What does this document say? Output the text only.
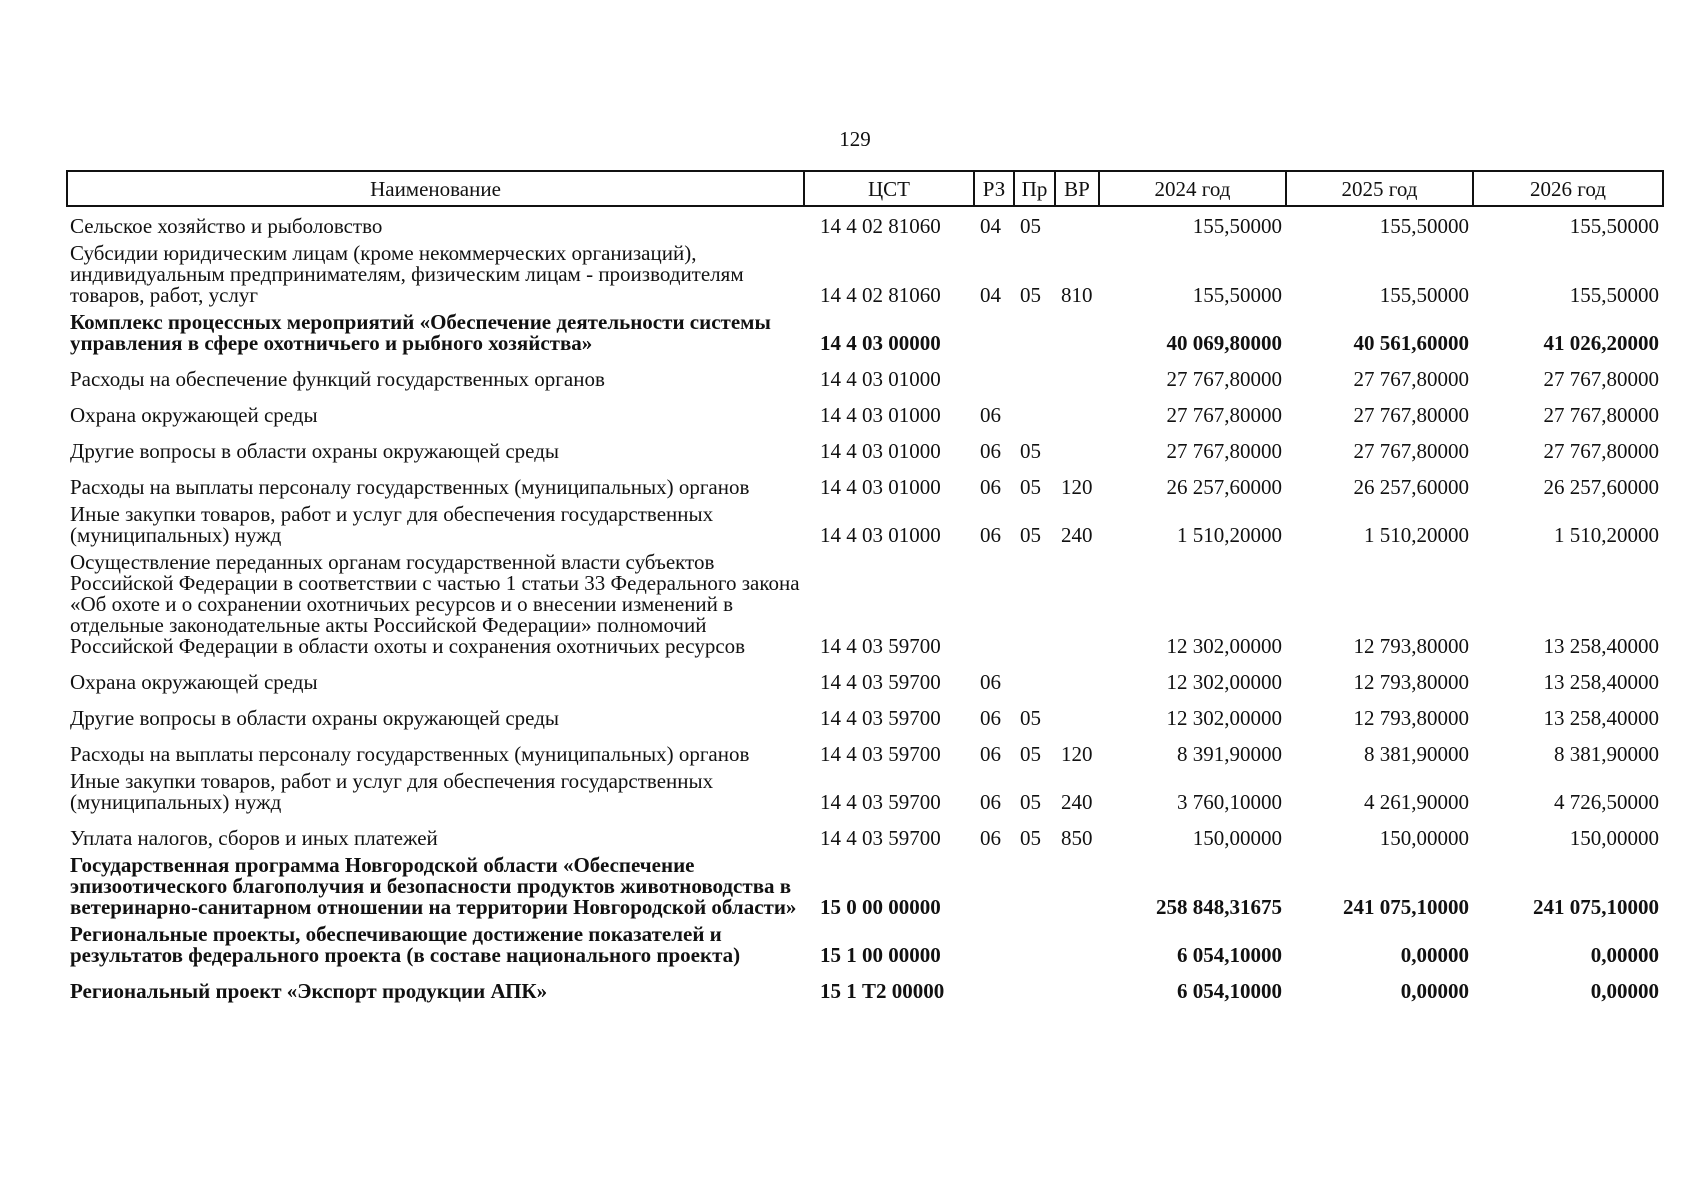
129
Наименование	ЦСТ	РЗ	Пр	ВР	2024 год	2025 год	2026 год
Сельское хозяйство и рыболовство	14 4 02 81060	04	05		155,50000	155,50000	155,50000
Субсидии юридическим лицам (кроме некоммерческих организаций), индивидуальным предпринимателям, физическим лицам - производителям товаров, работ, услуг	14 4 02 81060	04	05	810	155,50000	155,50000	155,50000
Комплекс процессных мероприятий «Обеспечение деятельности системы управления в сфере охотничьего и рыбного хозяйства»	14 4 03 00000				40 069,80000	40 561,60000	41 026,20000
Расходы на обеспечение функций государственных органов	14 4 03 01000				27 767,80000	27 767,80000	27 767,80000
Охрана окружающей среды	14 4 03 01000	06			27 767,80000	27 767,80000	27 767,80000
Другие вопросы в области охраны окружающей среды	14 4 03 01000	06	05		27 767,80000	27 767,80000	27 767,80000
Расходы на выплаты персоналу государственных (муниципальных) органов	14 4 03 01000	06	05	120	26 257,60000	26 257,60000	26 257,60000
Иные закупки товаров, работ и услуг для обеспечения государственных (муниципальных) нужд	14 4 03 01000	06	05	240	1 510,20000	1 510,20000	1 510,20000
Осуществление переданных органам государственной власти субъектов Российской Федерации в соответствии с частью 1 статьи 33 Федерального закона «Об охоте и о сохранении охотничьих ресурсов и о внесении изменений в отдельные законодательные акты Российской Федерации» полномочий Российской Федерации в области охоты и сохранения охотничьих ресурсов	14 4 03 59700				12 302,00000	12 793,80000	13 258,40000
Охрана окружающей среды	14 4 03 59700	06			12 302,00000	12 793,80000	13 258,40000
Другие вопросы в области охраны окружающей среды	14 4 03 59700	06	05		12 302,00000	12 793,80000	13 258,40000
Расходы на выплаты персоналу государственных (муниципальных) органов	14 4 03 59700	06	05	120	8 391,90000	8 381,90000	8 381,90000
Иные закупки товаров, работ и услуг для обеспечения государственных (муниципальных) нужд	14 4 03 59700	06	05	240	3 760,10000	4 261,90000	4 726,50000
Уплата налогов, сборов и иных платежей	14 4 03 59700	06	05	850	150,00000	150,00000	150,00000
Государственная программа Новгородской области «Обеспечение эпизоотического благополучия и безопасности продуктов животноводства в ветеринарно-санитарном отношении на территории Новгородской области»	15 0 00 00000				258 848,31675	241 075,10000	241 075,10000
Региональные проекты, обеспечивающие достижение показателей и результатов федерального проекта (в составе национального проекта)	15 1 00 00000				6 054,10000	0,00000	0,00000
Региональный проект «Экспорт продукции АПК»	15 1 Т2 00000				6 054,10000	0,00000	0,00000
